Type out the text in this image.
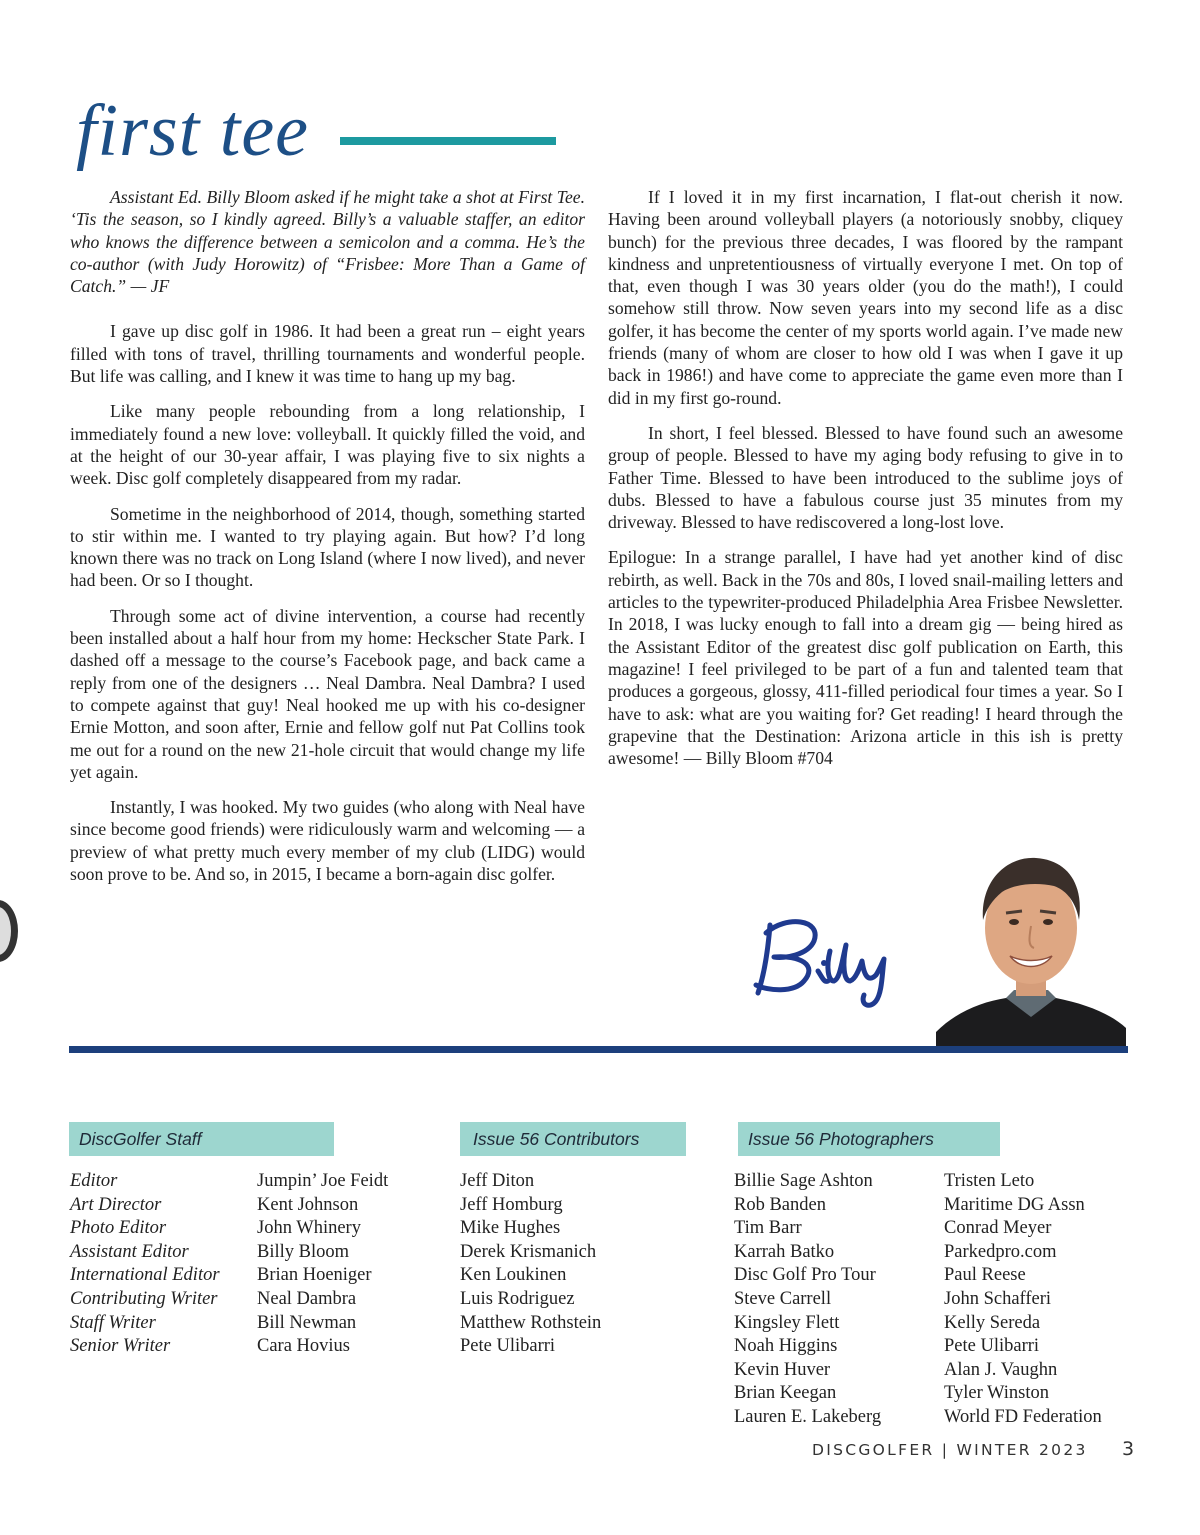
first tee

Assistant Ed. Billy Bloom asked if he might take a shot at First Tee. ‘Tis the season, so I kindly agreed. Billy’s a valuable staffer, an editor who knows the difference between a semicolon and a comma. He’s the co-author (with Judy Horowitz) of “Frisbee: More Than a Game of Catch.” — JF

I gave up disc golf in 1986. It had been a great run – eight years filled with tons of travel, thrilling tournaments and wonderful people. But life was calling, and I knew it was time to hang up my bag.

Like many people rebounding from a long relationship, I immediately found a new love: volleyball. It quickly filled the void, and at the height of our 30-year affair, I was playing five to six nights a week. Disc golf completely disappeared from my radar.

Sometime in the neighborhood of 2014, though, something started to stir within me. I wanted to try playing again. But how? I’d long known there was no track on Long Island (where I now lived), and never had been. Or so I thought.

Through some act of divine intervention, a course had recently been installed about a half hour from my home: Heckscher State Park. I dashed off a message to the course’s Facebook page, and back came a reply from one of the designers … Neal Dambra. Neal Dambra? I used to compete against that guy! Neal hooked me up with his co-designer Ernie Motton, and soon after, Ernie and fellow golf nut Pat Collins took me out for a round on the new 21-hole circuit that would change my life yet again.

Instantly, I was hooked. My two guides (who along with Neal have since become good friends) were ridiculously warm and welcoming — a preview of what pretty much every member of my club (LIDG) would soon prove to be. And so, in 2015, I became a born-again disc golfer.

If I loved it in my first incarnation, I flat-out cherish it now. Having been around volleyball players (a notoriously snobby, cliquey bunch) for the previous three decades, I was floored by the rampant kindness and unpretentiousness of virtually everyone I met. On top of that, even though I was 30 years older (you do the math!), I could somehow still throw. Now seven years into my second life as a disc golfer, it has become the center of my sports world again. I’ve made new friends (many of whom are closer to how old I was when I gave it up back in 1986!) and have come to appreciate the game even more than I did in my first go-round.

In short, I feel blessed. Blessed to have found such an awesome group of people. Blessed to have my aging body refusing to give in to Father Time. Blessed to have been introduced to the sublime joys of dubs. Blessed to have a fabulous course just 35 minutes from my driveway. Blessed to have rediscovered a long-lost love.

Epilogue: In a strange parallel, I have had yet another kind of disc rebirth, as well. Back in the 70s and 80s, I loved snail-mailing letters and articles to the typewriter-produced Philadelphia Area Frisbee Newsletter. In 2018, I was lucky enough to fall into a dream gig — being hired as the Assistant Editor of the greatest disc golf publication on Earth, this magazine! I feel privileged to be part of a fun and talented team that produces a gorgeous, glossy, 411-filled periodical four times a year. So I have to ask: what are you waiting for? Get reading! I heard through the grapevine that the Destination: Arizona article in this ish is pretty awesome! — Billy Bloom #704

DiscGolfer Staff	Issue 56 Contributors	Issue 56 Photographers
Editor
Art Director
Photo Editor
Assistant Editor
International Editor
Contributing Writer
Staff Writer
Senior Writer
Jumpin’ Joe Feidt
Kent Johnson
John Whinery
Billy Bloom
Brian Hoeniger
Neal Dambra
Bill Newman
Cara Hovius
Jeff Diton
Jeff Homburg
Mike Hughes
Derek Krismanich
Ken Loukinen
Luis Rodriguez
Matthew Rothstein
Pete Ulibarri
Billie Sage Ashton
Rob Banden
Tim Barr
Karrah Batko
Disc Golf Pro Tour
Steve Carrell
Kingsley Flett
Noah Higgins
Kevin Huver
Brian Keegan
Lauren E. Lakeberg
Tristen Leto
Maritime DG Assn
Conrad Meyer
Parkedpro.com
Paul Reese
John Schafferi
Kelly Sereda
Pete Ulibarri
Alan J. Vaughn
Tyler Winston
World FD Federation
DISCGOLFER | WINTER 2023 3
